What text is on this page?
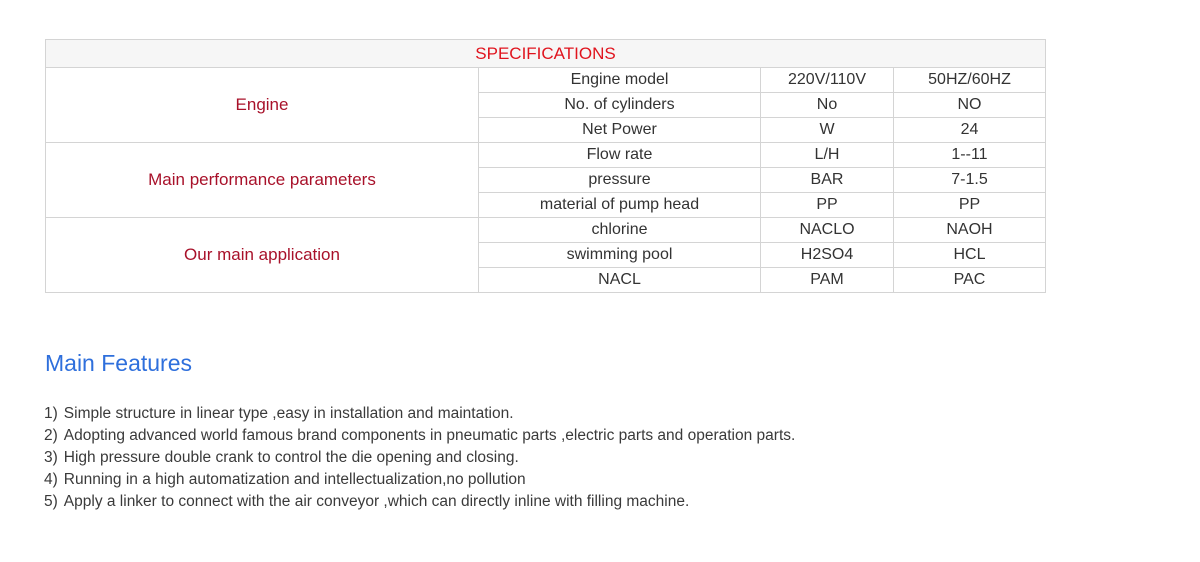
SPECIFICATIONS			
Engine	Engine model	220V/110V	50HZ/60HZ
	No. of cylinders	No	NO
	Net Power	W	24
Main performance parameters	Flow rate	L/H	1--11
	pressure	BAR	7-1.5
	material of pump head	PP	PP
Our main application	chlorine	NACLO	NAOH
	swimming pool	H2SO4	HCL
	NACL	PAM	PAC
Main Features
1) Simple structure in linear type ,easy in installation and maintation.
2) Adopting advanced world famous brand components in pneumatic parts ,electric parts and operation parts.
3) High pressure double crank to control the die opening and closing.
4) Running in a high automatization and intellectualization,no pollution
5) Apply a linker to connect with the air conveyor ,which can directly inline with filling machine.
